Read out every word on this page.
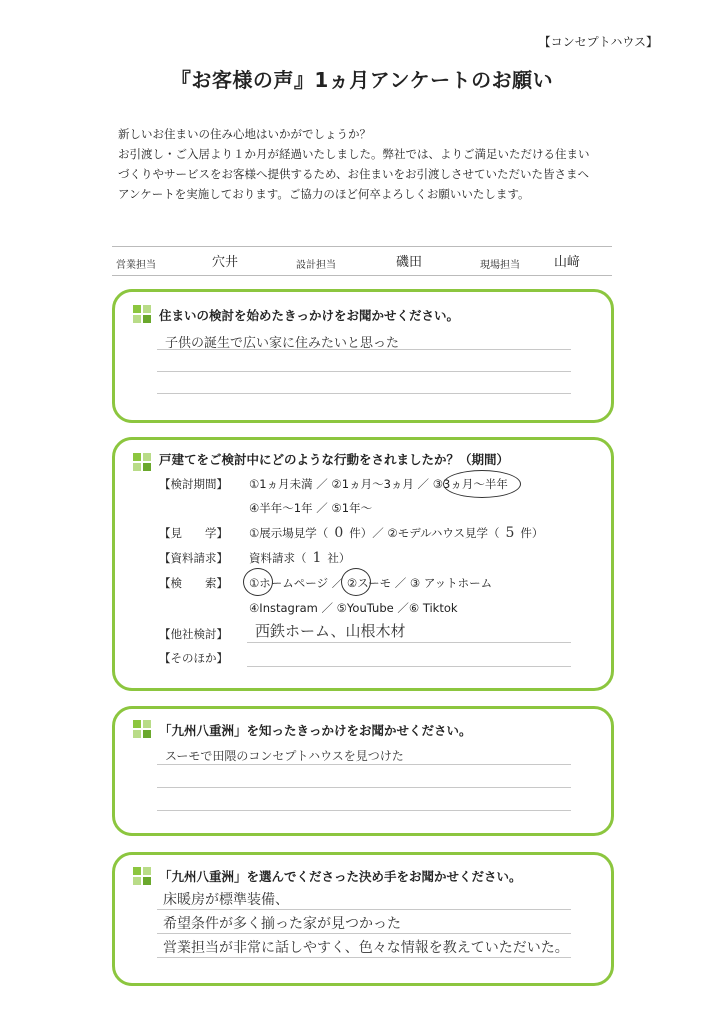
【コンセプトハウス】
『お客様の声』1ヵ月アンケートのお願い
新しいお住まいの住み心地はいかがでしょうか？
お引渡し・ご入居より１か月が経過いたしました。弊社では、よりご満足いただける住まい
づくりやサービスをお客様へ提供するため、お住まいをお引渡しさせていただいた皆さまへ
アンケートを実施しております。ご協力のほど何卒よろしくお願いいたします。
営業担当	穴井	設計担当	磯田	現場担当	山﨑
住まいの検討を始めたきっかけをお聞かせください。
子供の誕生で広い家に住みたいと思った
戸建てをご検討中にどのような行動をされましたか？（期間）
【検討期間】 ①1ヵ月未満 ／ ②1ヵ月～3ヵ月 ／ ③3ヵ月～半年
④半年～1年 ／ ⑤1年～
【見　　学】 ①展示場見学（ 0 件）／ ②モデルハウス見学（ 5 件）
【資料請求】 資料請求（ 1 社）
【検　　索】 ①ホームページ ／ ②スーモ ／ ③ アットホーム
④Instagram ／ ⑤YouTube ／⑥ Tiktok
【他社検討】 西鉄ホーム、山根木材
【そのほか】
「九州八重洲」を知ったきっかけをお聞かせください。
スーモで田隈のコンセプトハウスを見つけた
「九州八重洲」を選んでくださった決め手をお聞かせください。
床暖房が標準装備、
希望条件が多く揃った家が見つかった
営業担当が非常に話しやすく、色々な情報を教えていただいた。
